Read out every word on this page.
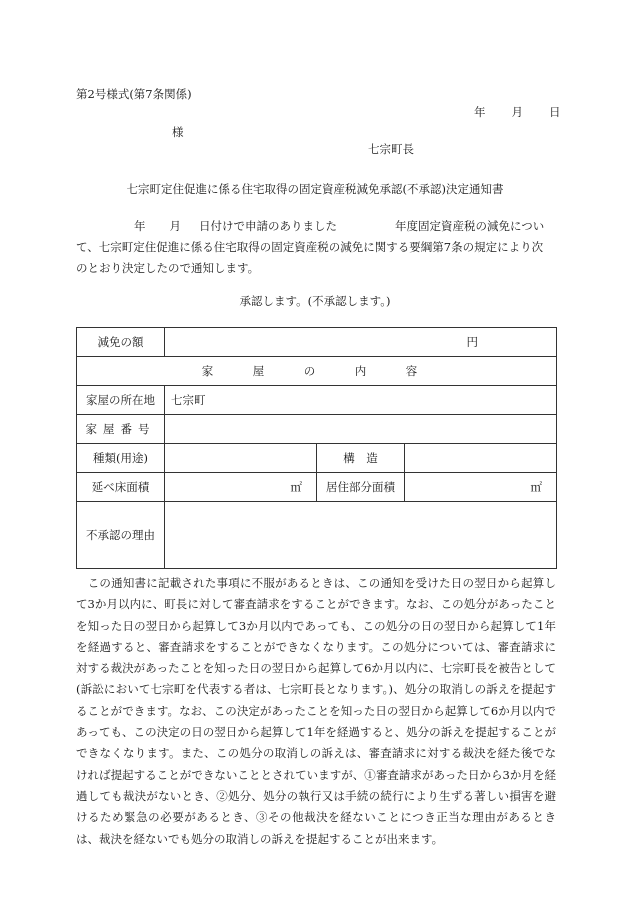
第2号様式(第7条関係)
年 月 日
様
七宗町長
七宗町定住促進に係る住宅取得の固定資産税減免承認(不承認)決定通知書
年 月 日付けで申請のありました	年度固定資産税の減免につい
て、七宗町定住促進に係る住宅取得の固定資産税の減免に関する要綱第7条の規定により次のとおり決定したので通知します。
承認します。(不承認します。)
減免の額	円		
家　屋　の　内　容			
家屋の所在地	七宗町		
家屋番号			
種類(用途)		構　造	
延べ床面積	㎡	居住部分面積	㎡
不承認の理由			
　この通知書に記載された事項に不服があるときは、この通知を受けた日の翌日から起算して3か月以内に、町長に対して審査請求をすることができます。なお、この処分があったことを知った日の翌日から起算して3か月以内であっても、この処分の日の翌日から起算して1年を経過すると、審査請求をすることができなくなります。この処分については、審査請求に対する裁決があったことを知った日の翌日から起算して6か月以内に、七宗町長を被告として(訴訟において七宗町を代表する者は、七宗町長となります。)、処分の取消しの訴えを提起することができます。なお、この決定があったことを知った日の翌日から起算して6か月以内であっても、この決定の日の翌日から起算して1年を経過すると、処分の訴えを提起することができなくなります。また、この処分の取消しの訴えは、審査請求に対する裁決を経た後でなければ提起することができないこととされていますが、①審査請求があった日から3か月を経過しても裁決がないとき、②処分、処分の執行又は手続の続行により生ずる著しい損害を避けるため緊急の必要があるとき、③その他裁決を経ないことにつき正当な理由があるときは、裁決を経ないでも処分の取消しの訴えを提起することが出来ます。
